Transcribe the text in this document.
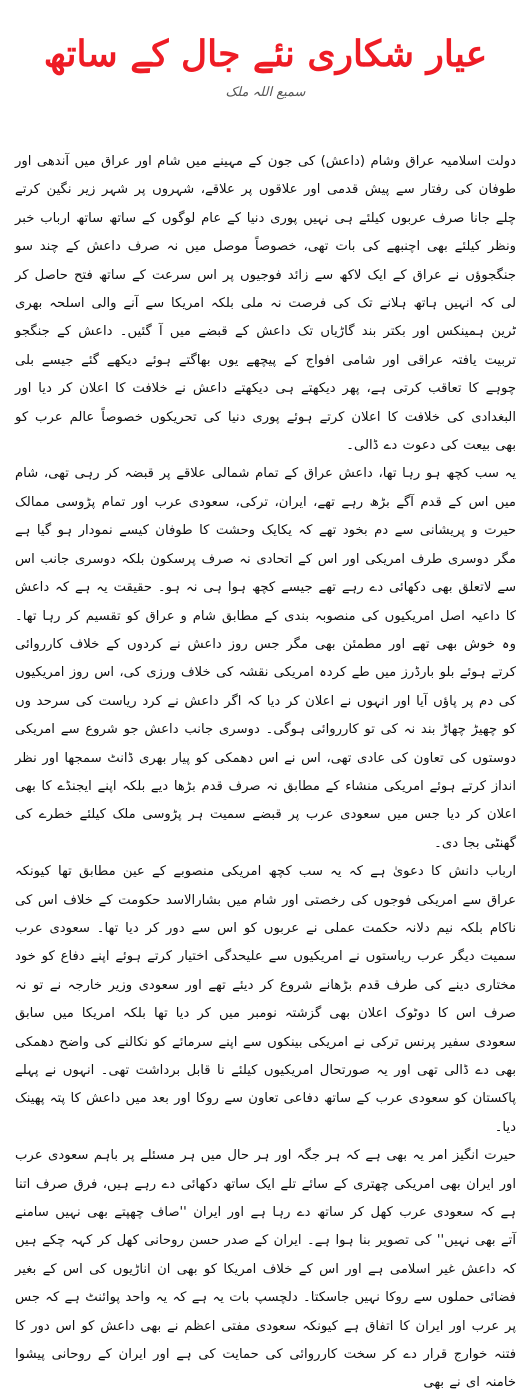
عیار شکاری نئے جال کے ساتھ
سمیع اللہ ملک

دولت اسلامیہ عراق وشام (داعش) کی جون کے مہینے میں شام اور عراق میں آندھی اور طوفان کی رفتار سے پیش قدمی اور علاقوں پر علاقے، شہروں پر شہر زیر نگین کرتے چلے جانا صرف عربوں کیلئے ہی نہیں پوری دنیا کے عام لوگوں کے ساتھ ساتھ ارباب خبر ونظر کیلئے بھی اچنبھے کی بات تھی، خصوصاً موصل میں نہ صرف داعش کے چند سو جنگجوؤں نے عراق کے ایک لاکھ سے زائد فوجیوں پر اس سرعت کے ساتھ فتح حاصل کر لی کہ انہیں ہاتھ ہلانے تک کی فرصت نہ ملی بلکہ امریکا سے آنے والی اسلحہ بھری ٹرین ہمینکس اور بکتر بند گاڑیاں تک داعش کے قبضے میں آ گئیں۔ داعش کے جنگجو تربیت یافتہ عراقی اور شامی افواج کے پیچھے یوں بھاگتے ہوئے دیکھے گئے جیسے بلی چوہے کا تعاقب کرتی ہے، پھر دیکھتے ہی دیکھتے داعش نے خلافت کا اعلان کر دیا اور البغدادی کی خلافت کا اعلان کرتے ہوئے پوری دنیا کی تحریکوں خصوصاً عالم عرب کو بھی بیعت کی دعوت دے ڈالی۔

یہ سب کچھ ہو رہا تھا، داعش عراق کے تمام شمالی علاقے پر قبضہ کر رہی تھی، شام میں اس کے قدم آگے بڑھ رہے تھے، ایران، ترکی، سعودی عرب اور تمام پڑوسی ممالک حیرت و پریشانی سے دم بخود تھے کہ یکایک وحشت کا طوفان کیسے نمودار ہو گیا ہے مگر دوسری طرف امریکی اور اس کے اتحادی نہ صرف پرسکون بلکہ دوسری جانب اس سے لاتعلق بھی دکھائی دے رہے تھے جیسے کچھ ہوا ہی نہ ہو۔ حقیقت یہ ہے کہ داعش کا داعیہ اصل امریکیوں کی منصوبہ بندی کے مطابق شام و عراق کو تقسیم کر رہا تھا۔ وہ خوش بھی تھے اور مطمئن بھی مگر جس روز داعش نے کردوں کے خلاف کارروائی کرتے ہوئے بلو بارڈرز میں طے کردہ امریکی نقشہ کی خلاف ورزی کی، اس روز امریکیوں کی دم پر پاؤں آیا اور انہوں نے اعلان کر دیا کہ اگر داعش نے کرد ریاست کی سرحد وں کو چھیڑ چھاڑ بند نہ کی تو کارروائی ہوگی۔ دوسری جانب داعش جو شروع سے امریکی دوستوں کی تعاون کی عادی تھی، اس نے اس دھمکی کو پیار بھری ڈانٹ سمجھا اور نظر انداز کرتے ہوئے امریکی منشاء کے مطابق نہ صرف قدم بڑھا دیے بلکہ اپنے ایجنڈے کا بھی اعلان کر دیا جس میں سعودی عرب پر قبضے سمیت ہر پڑوسی ملک کیلئے خطرے کی گھنٹی بجا دی۔

ارباب دانش کا دعویٰ ہے کہ یہ سب کچھ امریکی منصوبے کے عین مطابق تھا کیونکہ عراق سے امریکی فوجوں کی رخصتی اور شام میں بشارالاسد حکومت کے خلاف اس کی ناکام بلکہ نیم دلانہ حکمت عملی نے عربوں کو اس سے دور کر دیا تھا۔ سعودی عرب سمیت دیگر عرب ریاستوں نے امریکیوں سے علیحدگی اختیار کرتے ہوئے اپنے دفاع کو خود مختاری دینے کی طرف قدم بڑھانے شروع کر دیئے تھے اور سعودی وزیر خارجہ نے تو نہ صرف اس کا دوٹوک اعلان بھی گزشتہ نومبر میں کر دیا تھا بلکہ امریکا میں سابق سعودی سفیر پرنس ترکی نے امریکی بینکوں سے اپنے سرمائے کو نکالنے کی واضح دھمکی بھی دے ڈالی تھی اور یہ صورتحال امریکیوں کیلئے نا قابل برداشت تھی۔ انہوں نے پہلے پاکستان کو سعودی عرب کے ساتھ دفاعی تعاون سے روکا اور بعد میں داعش کا پتہ پھینک دیا۔

حیرت انگیز امر یہ بھی ہے کہ ہر جگہ اور ہر حال میں ہر مسئلے پر باہم سعودی عرب اور ایران بھی امریکی چھتری کے سائے تلے ایک ساتھ دکھائی دے رہے ہیں، فرق صرف اتنا ہے کہ سعودی عرب کھل کر ساتھ دے رہا ہے اور ایران ''صاف چھپتے بھی نہیں سامنے آتے بھی نہیں'' کی تصویر بنا ہوا ہے۔ ایران کے صدر حسن روحانی کھل کر کہہ چکے ہیں کہ داعش غیر اسلامی ہے اور اس کے خلاف امریکا کو بھی ان اناڑیوں کی اس کے بغیر فضائی حملوں سے روکا نہیں جاسکتا۔ دلچسپ بات یہ ہے کہ یہ واحد پوائنٹ ہے کہ جس پر عرب اور ایران کا اتفاق ہے کیونکہ سعودی مفتی اعظم نے بھی داعش کو اس دور کا فتنہ خوارج قرار دے کر سخت کارروائی کی حمایت کی ہے اور ایران کے روحانی پیشوا خامنہ ای نے بھی
